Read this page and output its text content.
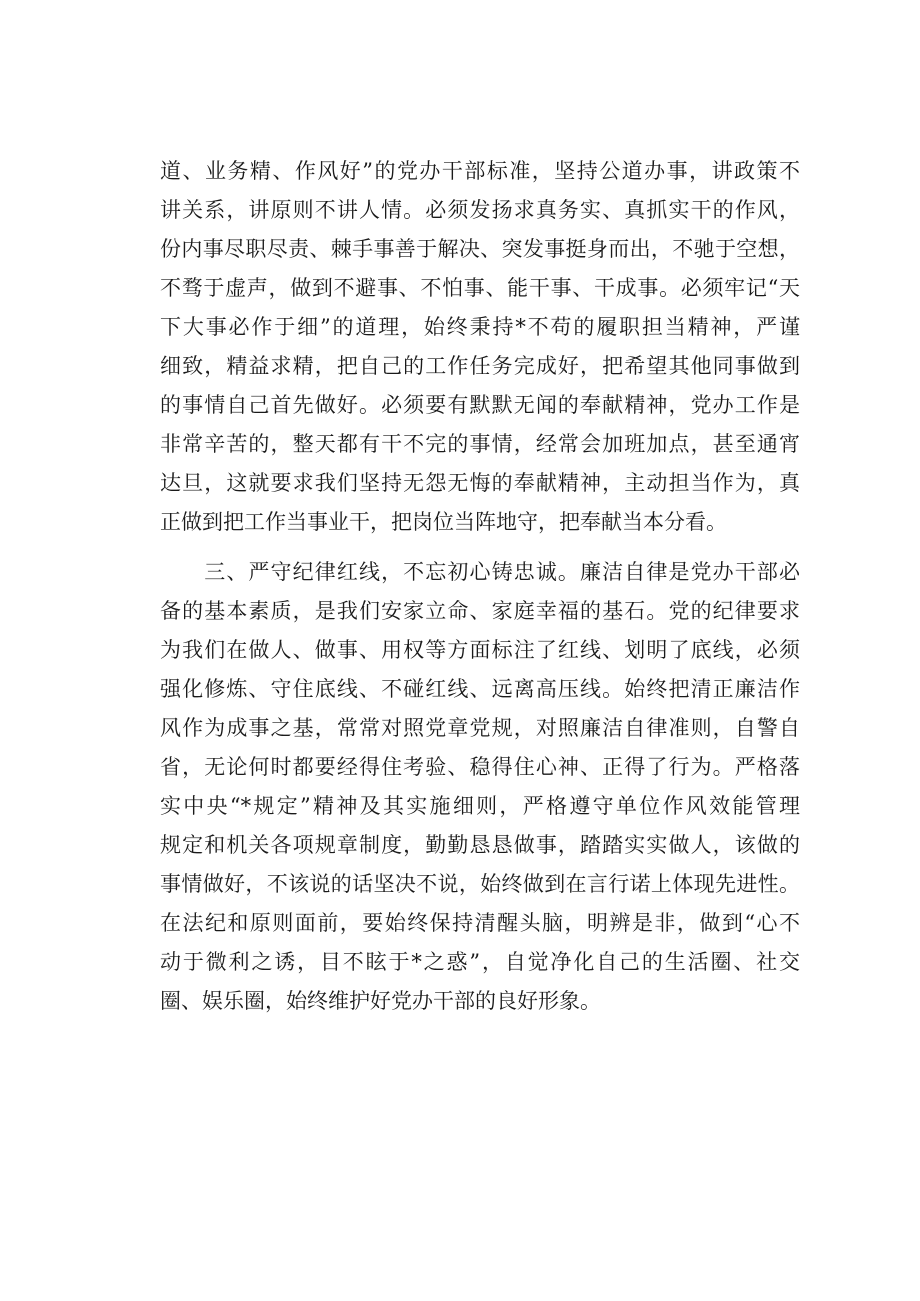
道、业务精、作风好”的党办干部标准，坚持公道办事，讲政策不
讲关系，讲原则不讲人情。必须发扬求真务实、真抓实干的作风，
份内事尽职尽责、棘手事善于解决、突发事挺身而出，不驰于空想，
不骛于虚声，做到不避事、不怕事、能干事、干成事。必须牢记“天
下大事必作于细”的道理，始终秉持*不苟的履职担当精神，严谨
细致，精益求精，把自己的工作任务完成好，把希望其他同事做到
的事情自己首先做好。必须要有默默无闻的奉献精神，党办工作是
非常辛苦的，整天都有干不完的事情，经常会加班加点，甚至通宵
达旦，这就要求我们坚持无怨无悔的奉献精神，主动担当作为，真
正做到把工作当事业干，把岗位当阵地守，把奉献当本分看。
　　三、严守纪律红线，不忘初心铸忠诚。廉洁自律是党办干部必
备的基本素质，是我们安家立命、家庭幸福的基石。党的纪律要求
为我们在做人、做事、用权等方面标注了红线、划明了底线，必须
强化修炼、守住底线、不碰红线、远离高压线。始终把清正廉洁作
风作为成事之基，常常对照党章党规，对照廉洁自律准则，自警自
省，无论何时都要经得住考验、稳得住心神、正得了行为。严格落
实中央“*规定”精神及其实施细则，严格遵守单位作风效能管理
规定和机关各项规章制度，勤勤恳恳做事，踏踏实实做人，该做的
事情做好，不该说的话坚决不说，始终做到在言行诺上体现先进性。
在法纪和原则面前，要始终保持清醒头脑，明辨是非，做到“心不
动于微利之诱，目不眩于*之惑”，自觉净化自己的生活圈、社交
圈、娱乐圈，始终维护好党办干部的良好形象。
